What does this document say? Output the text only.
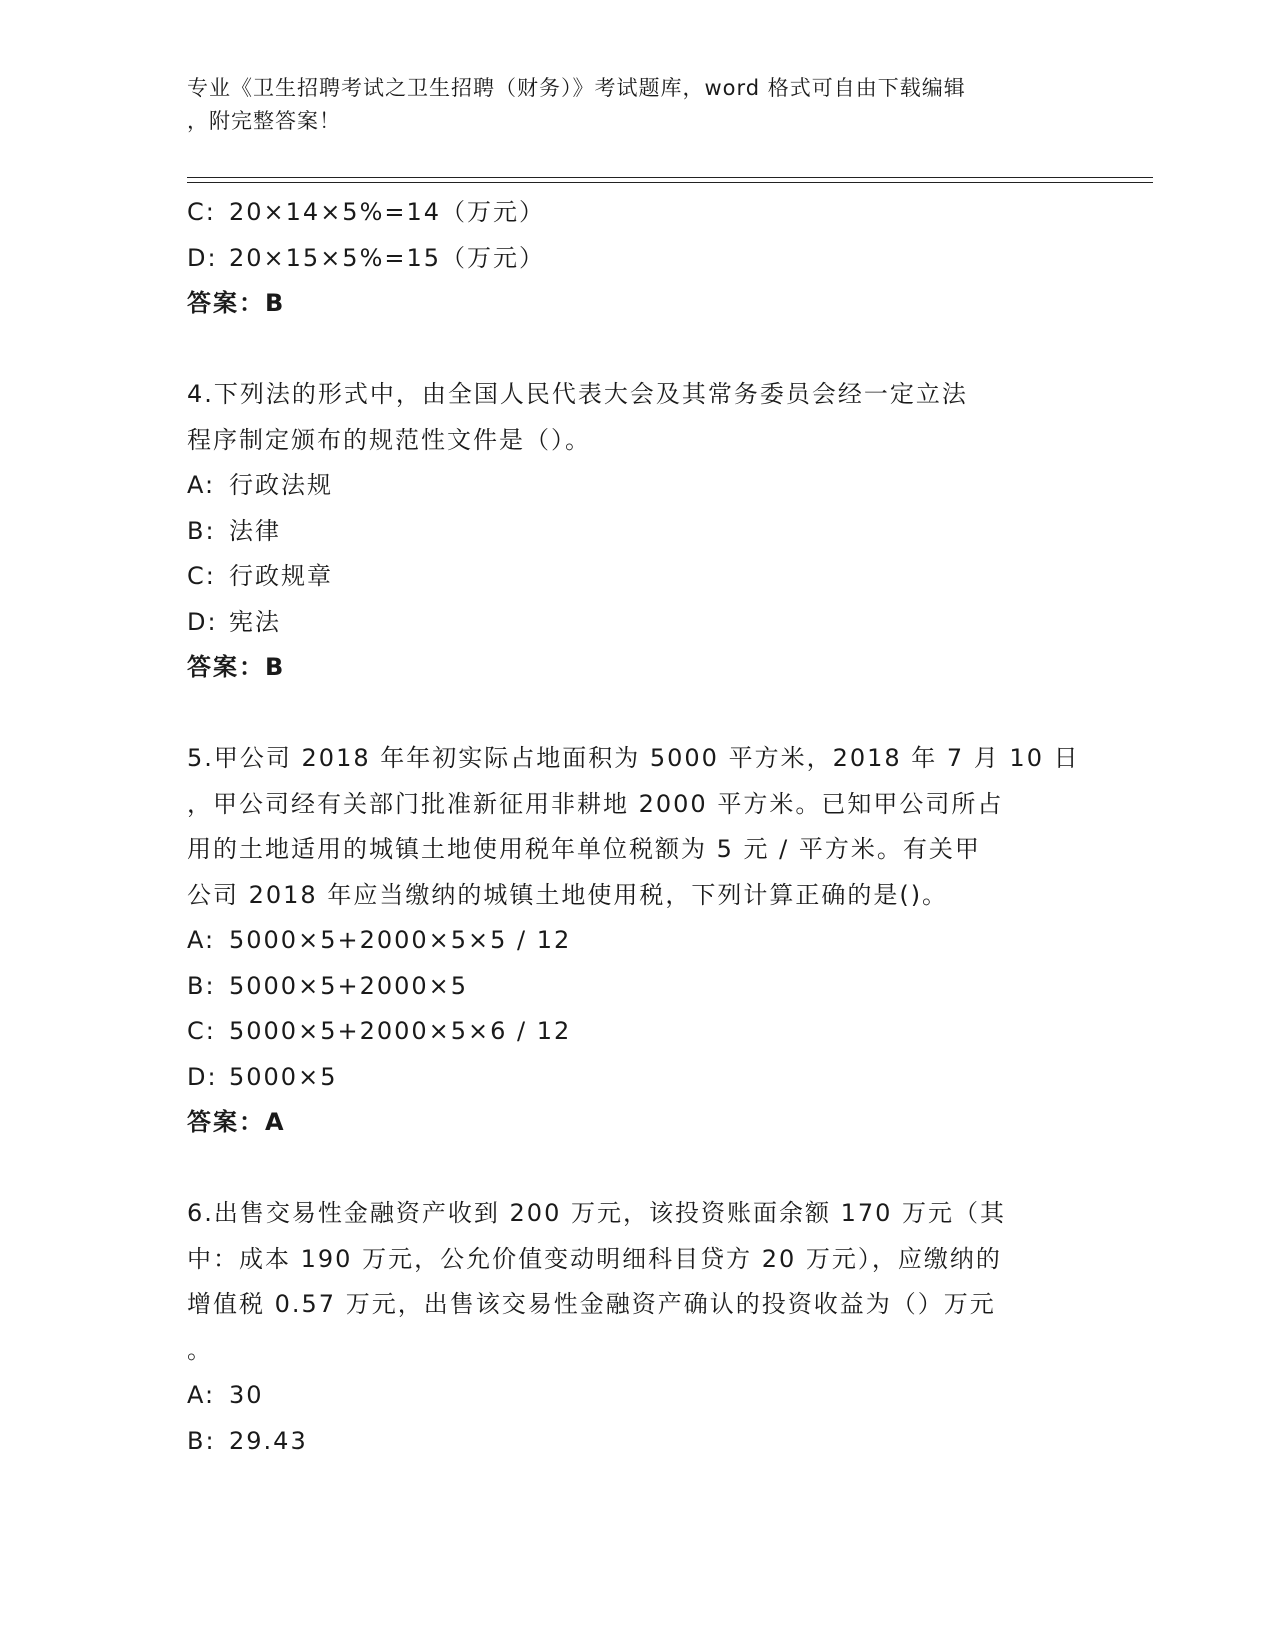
专业《卫生招聘考试之卫生招聘（财务）》考试题库，word 格式可自由下载编辑
，附完整答案！
C: 20×14×5%=14（万元）
D: 20×15×5%=15（万元）
答案：B
4.下列法的形式中，由全国人民代表大会及其常务委员会经一定立法
程序制定颁布的规范性文件是（）。
A: 行政法规
B: 法律
C: 行政规章
D: 宪法
答案：B
5.甲公司 2018 年年初实际占地面积为 5000 平方米，2018 年 7 月 10 日
，甲公司经有关部门批准新征用非耕地 2000 平方米。已知甲公司所占
用的土地适用的城镇土地使用税年单位税额为 5 元 / 平方米。有关甲
公司 2018 年应当缴纳的城镇土地使用税，下列计算正确的是()。
A: 5000×5+2000×5×5 / 12
B: 5000×5+2000×5
C: 5000×5+2000×5×6 / 12
D: 5000×5
答案：A
6.出售交易性金融资产收到 200 万元，该投资账面余额 170 万元（其
中：成本 190 万元，公允价值变动明细科目贷方 20 万元），应缴纳的
增值税 0.57 万元，出售该交易性金融资产确认的投资收益为（）万元
。
A: 30
B: 29.43
